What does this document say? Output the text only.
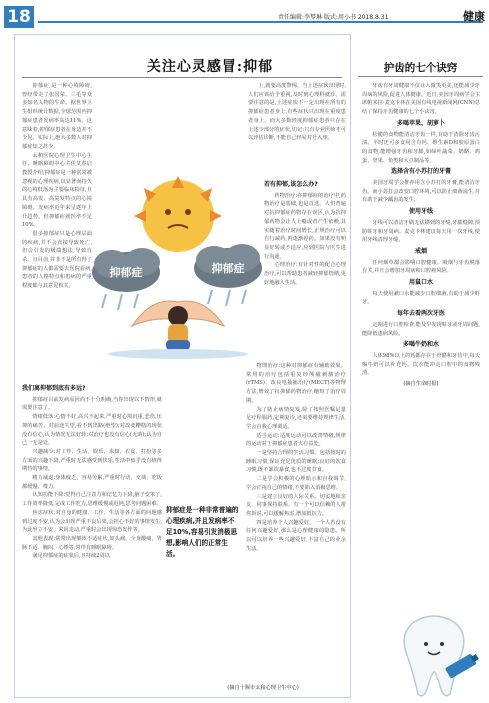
18	责任编辑:李梦琳 版式:周小书 2018.8.31	健康
关注心灵感冒:抑郁

抑郁症,是一种心境障碍,曾经带走了张国荣、三毛等众多知名人物的生命。据世界卫生组织统计数据,全球范围内抑郁症患者发病率高达11%。这意味着,抑郁症患者在身边并不少见。实际上,绝大多数人对抑郁症知之甚少。

太和医院心理卫生中心主任、睡眠障碍中心主任艾春启教授介绍,抑郁症是一种常常被忽视的心理疾病,以显著而持久的心境低落为主要临床特征,且具有高发、高复发特点的心境障碍。发病率近年来呈逐年上升趋势。但抑郁症就医率不足10%。

很多抑郁症只是心理层面的疾病,并不会直接导致死亡,但会引发的极端想法,导致自杀。且目前,并非不是所有得了抑郁症的人都需要去医院看病,患者的人格特点和患病的严重程度都与其意见相关。

我们离抑郁到底有多远?

抑郁症目前发病原因尚不十分明确,当你出现以下情形,就需要注意了。

情绪低落:心情不好,高兴不起来,严重时心境沉重,悲伤,压抑的痛苦。对前途失望,看不到出路(绝望);对改变糟糕的现状没有信心,认为情况无法好转;对治疗也没有信心(无助);认为自己一无是处。

兴趣减少:对工作、生活、娱乐、求知、衣食、打扮等多方面的兴趣下降,严重时无法感受到快乐,生活中似乎没有值得期待的事情。

精力减退:身体疲乏、容易劳累,严重时行动、交谈、吃饭都缓慢、费力。

认知功能下降:觉得自己注意力和记忆力下降,脑子变笨了,工作效率降低,完成工作吃力,思维缓慢或迟钝,思考问题困难。

焦虑症状:对自身的健康、工作、生活等各方面的问题感到过度不安,认为会出现严重不良后果,会担心不好的事情发生,为此坐立不安、来回走动,严重时会出现惊恐发作等。

其他表现:常常出现躯体不适症状,如头痛、全身酸痛、胃肠不适、胸闷、心悸等,常伴有睡眠障碍。

满足抑郁症的症状后,且持续2周以

上,就要高度警惕。当上述症状出现时,人们应该给予重视,及时到心理科就诊。需要注意的是,上述症状不一定出现在所有的抑郁症患者身上,有些症状只出现在重度患者身上。而大多数轻度抑郁症患者只存在上述少部分的症状,切记:只有专业医师才可以评估诊断,不能自己轻易对号入座。

若有抑郁,该怎么办?

药物治疗:在抑郁症的治疗中,药物治疗是基础,也是首选。人们普遍对抗抑郁症药物存在误区,认为抗抑郁药物会让人上瘾或者产生依赖,其实随着治疗时间增长,正规治疗可以自行减药,再逐渐停药。如果没有明显好转或不适应,应到医院与医生进行沟通。

心理治疗:有针对性的配合心理治疗,可以帮助患者减轻抑郁情绪,更好地融入生活。

物理治疗:这种对抑郁症有辅助效果。常用的治疗包括重复经颅磁刺激治疗(rTMS)、改良电抽搐治疗(MECT)等物理方法,增效了抗抑郁药物治疗,缩短了治疗周期。

为了防止病情复发,除了按照医嘱足量足疗程服药,定期复诊,还需要维持规律生活,学会自我心理调适。

适当运动:适度运动可以改善情绪,规律的运动对于抑郁症患者大有益处。

一是坚持合理的生活习惯。包括按时的睡眠习惯,保证充足优质的睡眠;良好的饮食习惯,既不暴饮暴食,也不过度节食。

二是学会积极的心理暗示和自我调节,学会正视自己的情绪,不要陷入消极思维。

三是建立良好的人际关系。切实地和亲友、同事保持联系。有一个可以信赖的人帮你诉说,可以缓解焦虑,增加抵抗力。

四是培养个人兴趣爱好。一个人若没有任何兴趣爱好,那么是心理健康的隐患。所以可以培养一些兴趣爱好,丰富自己的业余生活。

(摘自十堰市太和心理卫生中心)
抑郁症是一种非常普遍的心理疾病,并且发病率不足10%,容易引发消极思想,影响人们的正常生活。
抑郁症	抑郁症
护齿的七个诀窍

牙齿有牙周健康不仅让人微笑更美,还能减少牙周病的风险,促进人体健康。近日,美国牙周病学会主席帕米拉·麦克卡林在美国有线电视新闻网(CNN)总结了保持牙齿健康的七个小诀窍。

多喝苹果、胡萝卜

松脆的食物能清洁牙齿一样,有助于清除牙齿污渍。平时还可多食用含有钙、维生素D和胶原蛋白的食物,能增强牙齿和牙龈,如绿叶蔬菜、奶酪、鸡蛋、坚果、鱼类和大豆制品等。

选择含有小苏打的牙膏

美国牙周学会推荐用含小苏打的牙膏,能清洁牙齿。而小苏打会改变口腔环境,可以防止细菌滋生,并有助于减少龋齿的发生。

使用牙线

牙线可以清洁牙刷无法刷到的牙缝,牙龈缝隙,预防蛀牙和牙周病。麦克卡林建议每天用一次牙线,使用牙线清理牙缝。

戒烟

任何烟草都会影响口腔健康。吸烟与牙齿脱落有关,并且会增加牙周病和口腔癌风险。

用鼠口水

每天使用漱口水能减少口腔细菌,有助于减少蛀牙。

每年去看两次牙医

定期进行口腔检查,能及早发现蛀牙或牙周问题,能降低患病风险。

多喝牛奶和水

人体98%以上的钙都存在于骨骼和牙齿中,每天喝牛奶可以补充钙。饮水能冲走口腔中的食物残渣。

(摘自生命时报)
